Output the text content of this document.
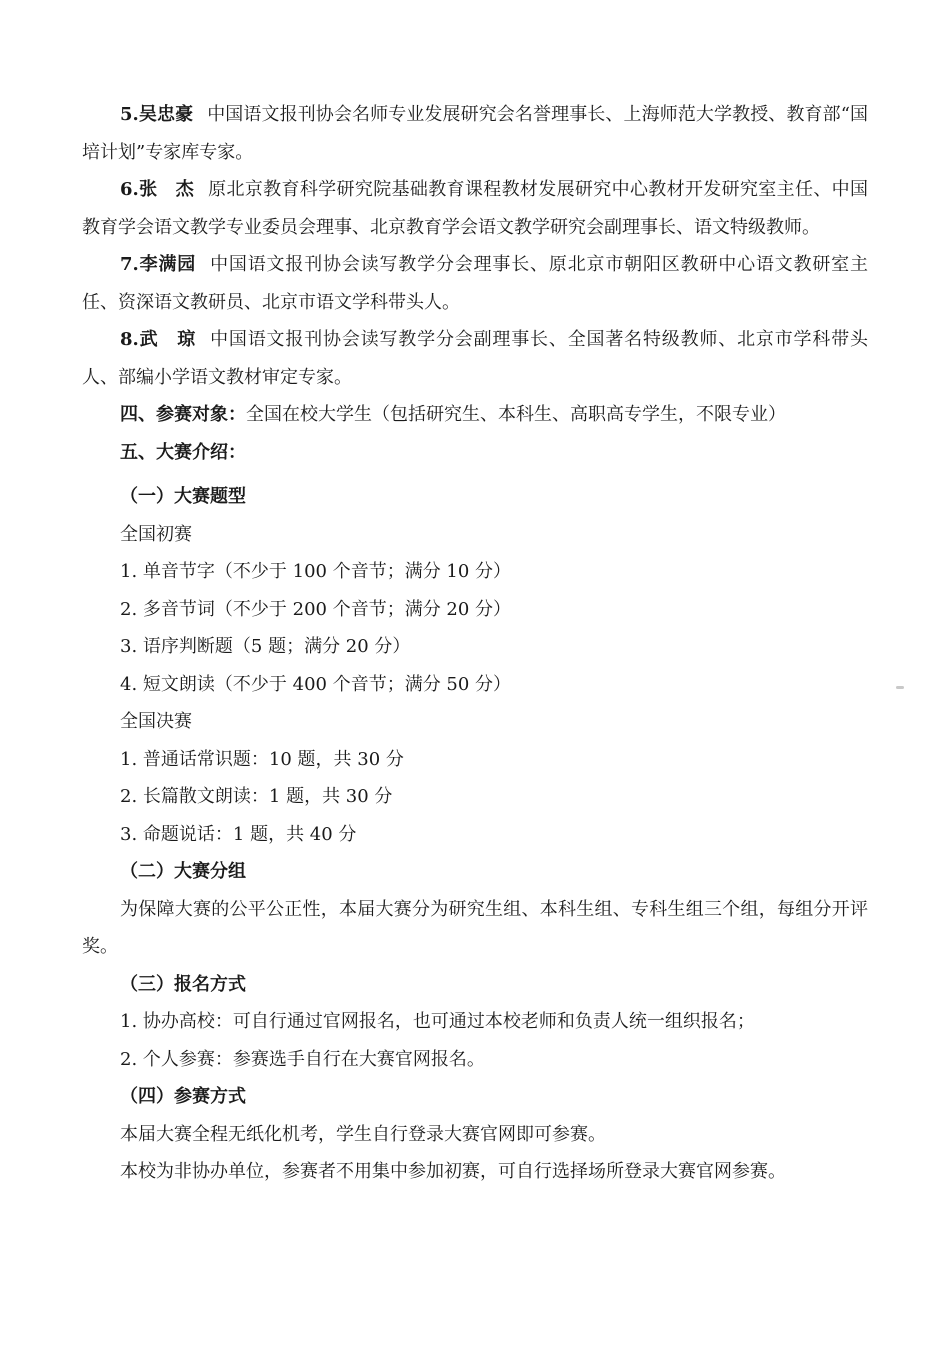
5.吴忠豪 中国语文报刊协会名师专业发展研究会名誉理事长、上海师范大学教授、教育部“国培计划”专家库专家。

6.张　杰 原北京教育科学研究院基础教育课程教材发展研究中心教材开发研究室主任、中国教育学会语文教学专业委员会理事、北京教育学会语文教学研究会副理事长、语文特级教师。

7.李满园 中国语文报刊协会读写教学分会理事长、原北京市朝阳区教研中心语文教研室主任、资深语文教研员、北京市语文学科带头人。

8.武　琼 中国语文报刊协会读写教学分会副理事长、全国著名特级教师、北京市学科带头人、部编小学语文教材审定专家。

四、参赛对象：全国在校大学生（包括研究生、本科生、高职高专学生，不限专业）

五、大赛介绍：

（一）大赛题型

全国初赛

1. 单音节字（不少于 100 个音节；满分 10 分）

2. 多音节词（不少于 200 个音节；满分 20 分）

3. 语序判断题（5 题；满分 20 分）

4. 短文朗读（不少于 400 个音节；满分 50 分）

全国决赛

1. 普通话常识题：10 题，共 30 分

2. 长篇散文朗读：1 题，共 30 分

3. 命题说话：1 题，共 40 分

（二）大赛分组

为保障大赛的公平公正性，本届大赛分为研究生组、本科生组、专科生组三个组，每组分开评奖。

（三）报名方式

1. 协办高校：可自行通过官网报名，也可通过本校老师和负责人统一组织报名；

2. 个人参赛：参赛选手自行在大赛官网报名。

（四）参赛方式

本届大赛全程无纸化机考，学生自行登录大赛官网即可参赛。

本校为非协办单位，参赛者不用集中参加初赛，可自行选择场所登录大赛官网参赛。
